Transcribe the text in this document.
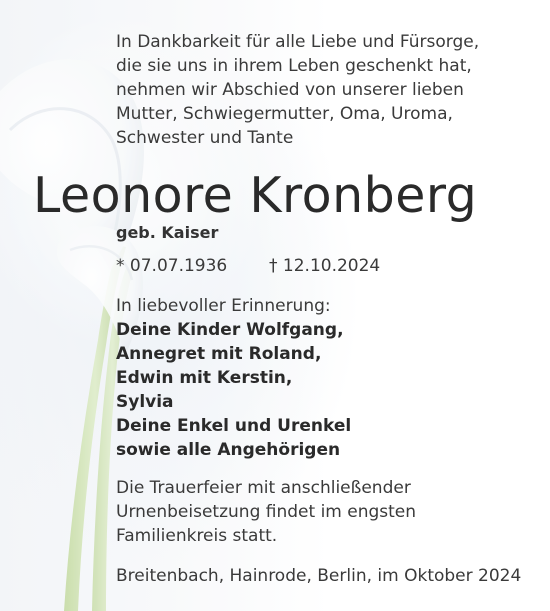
In Dankbarkeit für alle Liebe und Fürsorge,
die sie uns in ihrem Leben geschenkt hat,
nehmen wir Abschied von unserer lieben
Mutter, Schwiegermutter, Oma, Uroma,
Schwester und Tante

Leonore Kronberg

geb. Kaiser

* 07.07.1936 † 12.10.2024

In liebevoller Erinnerung:
Deine Kinder Wolfgang,
Annegret mit Roland,
Edwin mit Kerstin,
Sylvia
Deine Enkel und Urenkel
sowie alle Angehörigen

Die Trauerfeier mit anschließender
Urnenbeisetzung findet im engsten
Familienkreis statt.

Breitenbach, Hainrode, Berlin, im Oktober 2024
